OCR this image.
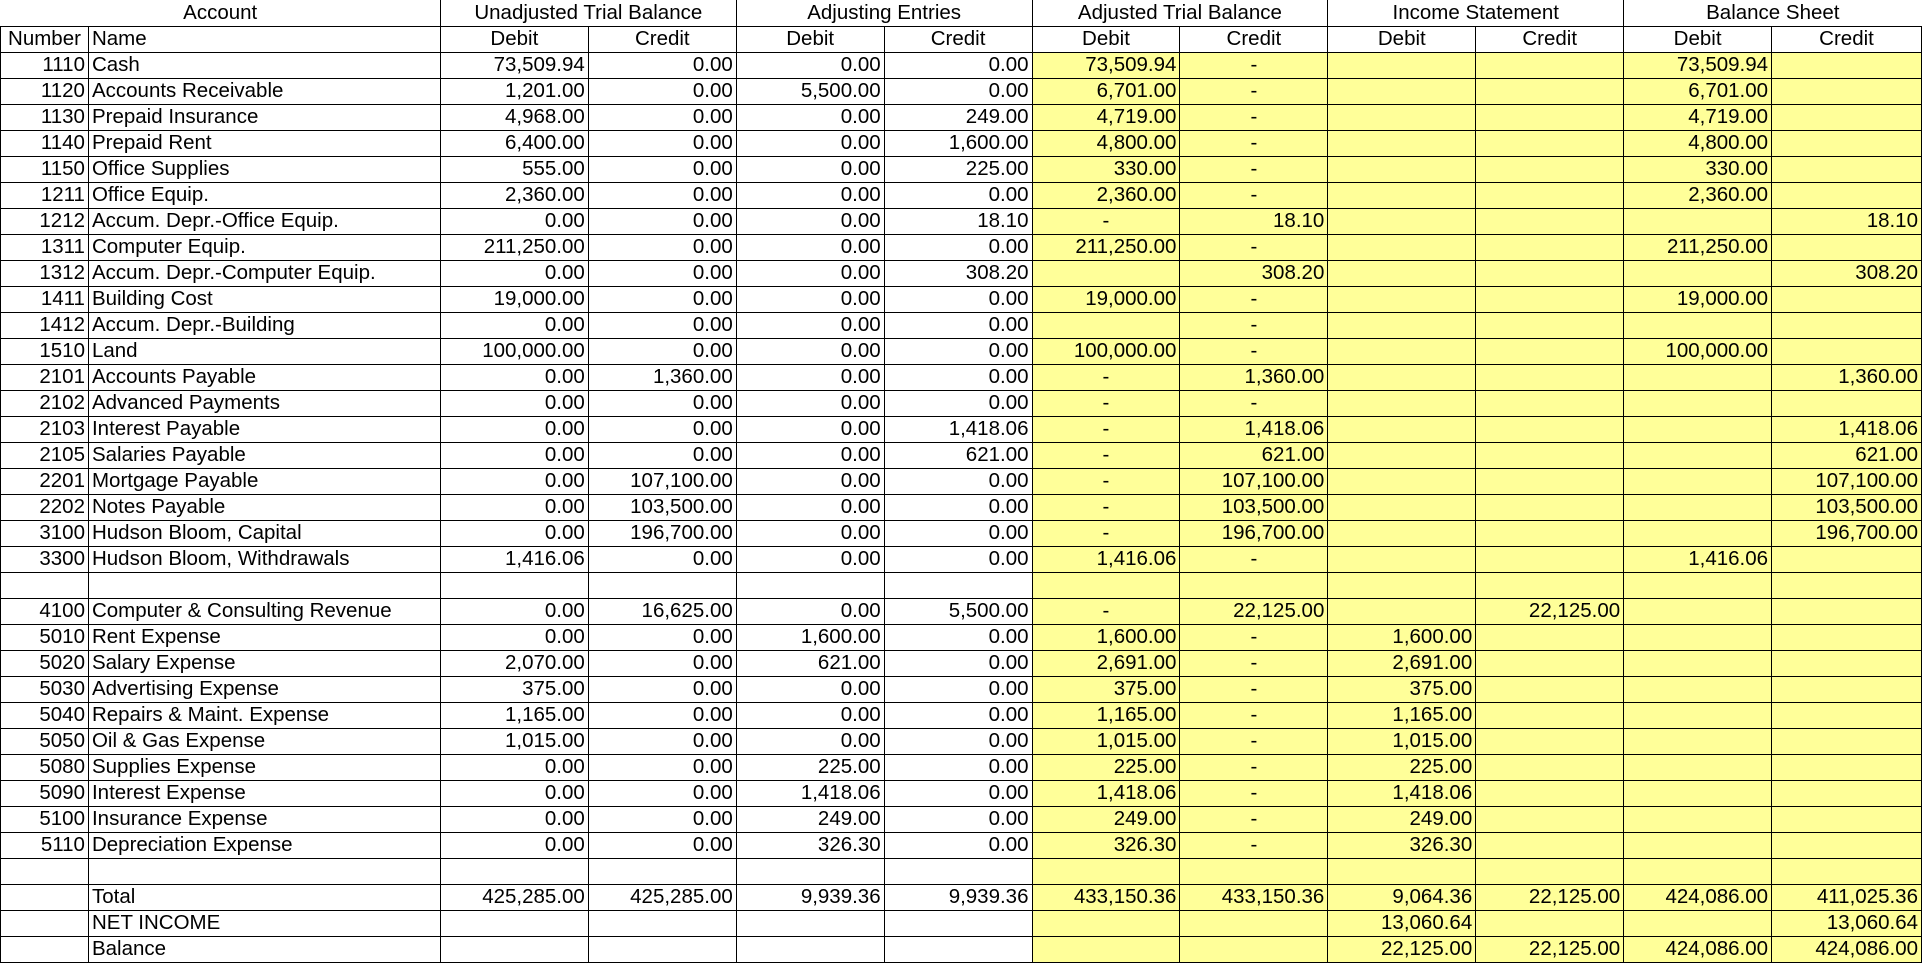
Account		Unadjusted Trial Balance		Adjusting Entries		Adjusted Trial Balance		Income Statement		Balance Sheet	
Number	Name	Debit	Credit	Debit	Credit	Debit	Credit	Debit	Credit	Debit	Credit
1110	Cash	73,509.94	0.00	0.00	0.00	73,509.94	-			73,509.94	
1120	Accounts Receivable	1,201.00	0.00	5,500.00	0.00	6,701.00	-			6,701.00	
1130	Prepaid Insurance	4,968.00	0.00	0.00	249.00	4,719.00	-			4,719.00	
1140	Prepaid Rent	6,400.00	0.00	0.00	1,600.00	4,800.00	-			4,800.00	
1150	Office Supplies	555.00	0.00	0.00	225.00	330.00	-			330.00	
1211	Office Equip.	2,360.00	0.00	0.00	0.00	2,360.00	-			2,360.00	
1212	Accum. Depr.-Office Equip.	0.00	0.00	0.00	18.10	-	18.10				18.10
1311	Computer Equip.	211,250.00	0.00	0.00	0.00	211,250.00	-			211,250.00	
1312	Accum. Depr.-Computer Equip.	0.00	0.00	0.00	308.20		308.20				308.20
1411	Building Cost	19,000.00	0.00	0.00	0.00	19,000.00	-			19,000.00	
1412	Accum. Depr.-Building	0.00	0.00	0.00	0.00		-				
1510	Land	100,000.00	0.00	0.00	0.00	100,000.00	-			100,000.00	
2101	Accounts Payable	0.00	1,360.00	0.00	0.00	-	1,360.00				1,360.00
2102	Advanced Payments	0.00	0.00	0.00	0.00	-	-				
2103	Interest Payable	0.00	0.00	0.00	1,418.06	-	1,418.06				1,418.06
2105	Salaries Payable	0.00	0.00	0.00	621.00	-	621.00				621.00
2201	Mortgage Payable	0.00	107,100.00	0.00	0.00	-	107,100.00				107,100.00
2202	Notes Payable	0.00	103,500.00	0.00	0.00	-	103,500.00				103,500.00
3100	Hudson Bloom, Capital	0.00	196,700.00	0.00	0.00	-	196,700.00				196,700.00
3300	Hudson Bloom, Withdrawals	1,416.06	0.00	0.00	0.00	1,416.06	-			1,416.06	

4100	Computer & Consulting Revenue	0.00	16,625.00	0.00	5,500.00	-	22,125.00		22,125.00		
5010	Rent Expense	0.00	0.00	1,600.00	0.00	1,600.00	-	1,600.00			
5020	Salary Expense	2,070.00	0.00	621.00	0.00	2,691.00	-	2,691.00			
5030	Advertising Expense	375.00	0.00	0.00	0.00	375.00	-	375.00			
5040	Repairs & Maint. Expense	1,165.00	0.00	0.00	0.00	1,165.00	-	1,165.00			
5050	Oil & Gas Expense	1,015.00	0.00	0.00	0.00	1,015.00	-	1,015.00			
5080	Supplies Expense	0.00	0.00	225.00	0.00	225.00	-	225.00			
5090	Interest Expense	0.00	0.00	1,418.06	0.00	1,418.06	-	1,418.06			
5100	Insurance Expense	0.00	0.00	249.00	0.00	249.00	-	249.00			
5110	Depreciation Expense	0.00	0.00	326.30	0.00	326.30	-	326.30			

	Total	425,285.00	425,285.00	9,939.36	9,939.36	433,150.36	433,150.36	9,064.36	22,125.00	424,086.00	411,025.36
	NET INCOME							13,060.64			13,060.64
	Balance							22,125.00	22,125.00	424,086.00	424,086.00
